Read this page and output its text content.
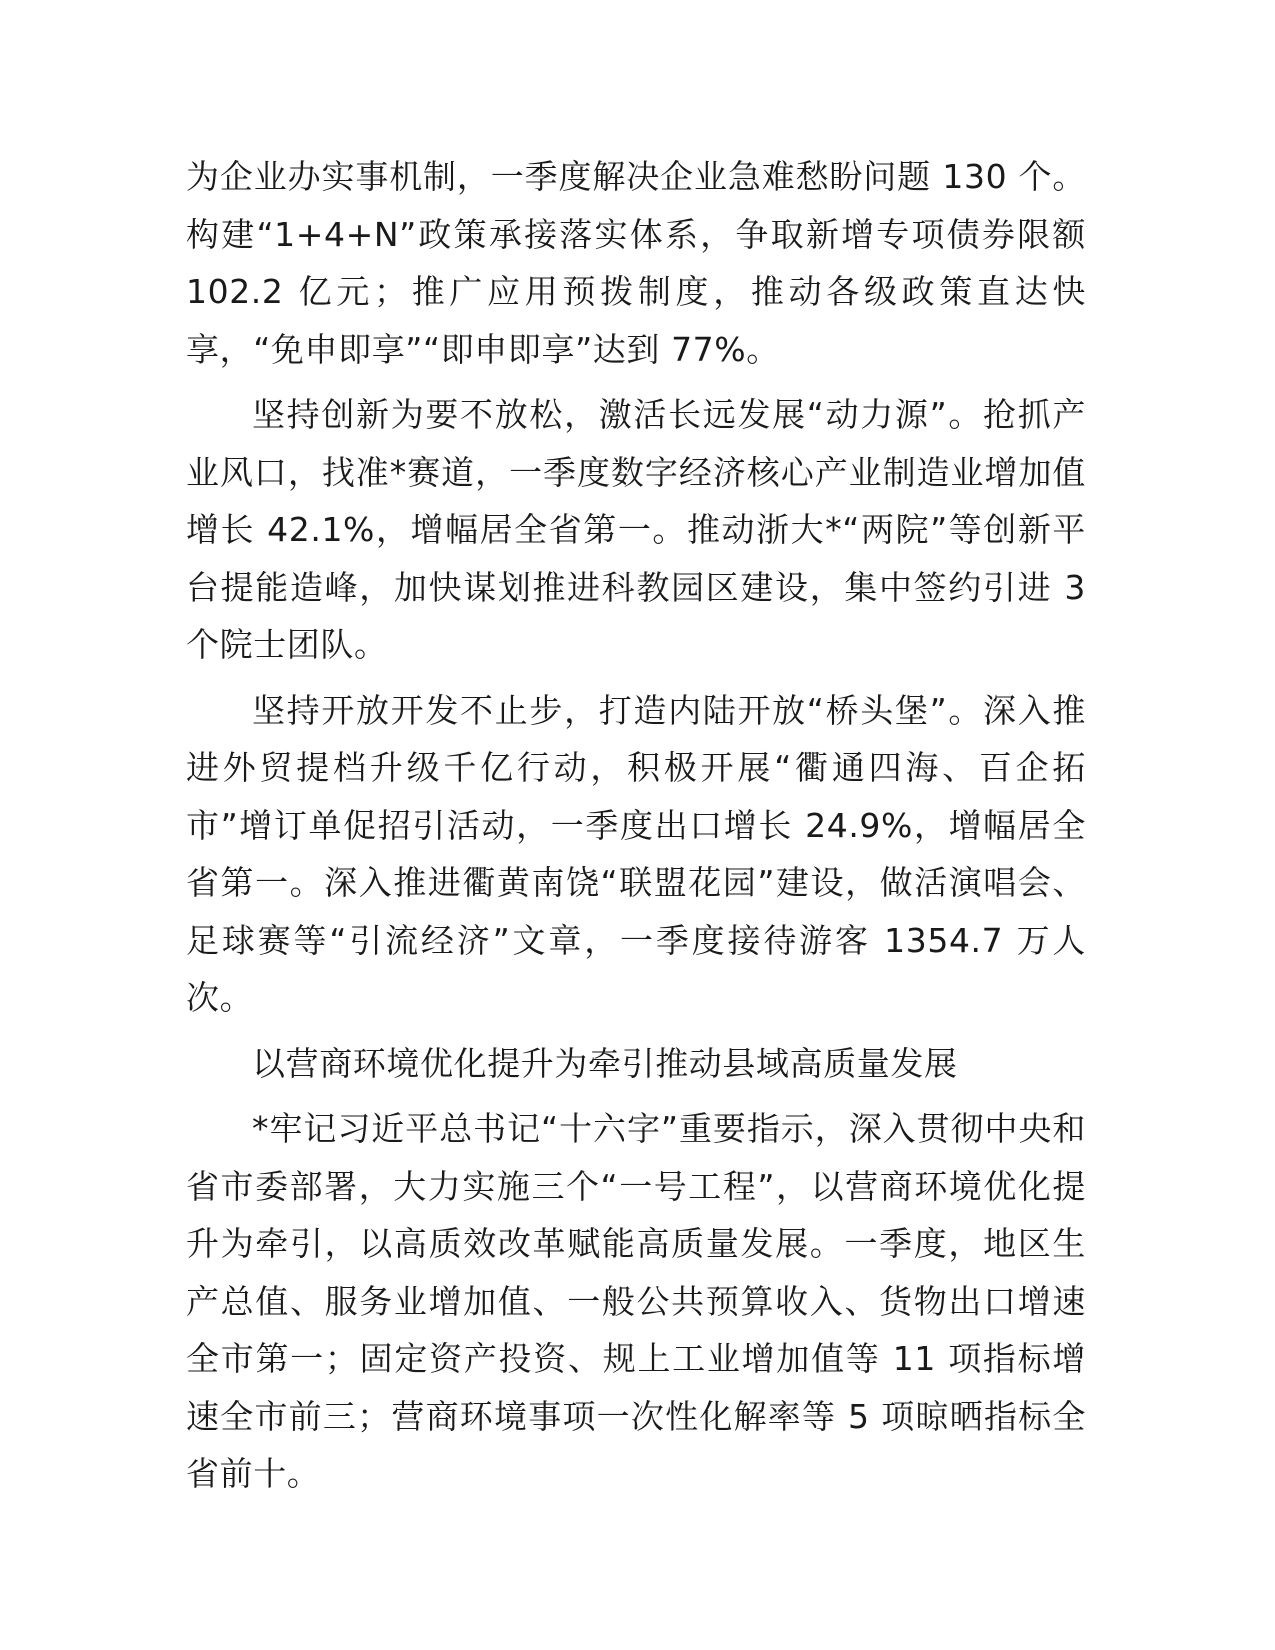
为企业办实事机制，一季度解决企业急难愁盼问题 130 个。构建“1+4+N”政策承接落实体系，争取新增专项债券限额 102.2 亿元；推广应用预拨制度，推动各级政策直达快享，“免申即享”“即申即享”达到 77%。

坚持创新为要不放松，激活长远发展“动力源”。抢抓产业风口，找准*赛道，一季度数字经济核心产业制造业增加值增长 42.1%，增幅居全省第一。推动浙大*“两院”等创新平台提能造峰，加快谋划推进科教园区建设，集中签约引进 3 个院士团队。

坚持开放开发不止步，打造内陆开放“桥头堡”。深入推进外贸提档升级千亿行动，积极开展“衢通四海、百企拓市”增订单促招引活动，一季度出口增长 24.9%，增幅居全省第一。深入推进衢黄南饶“联盟花园”建设，做活演唱会、足球赛等“引流经济”文章，一季度接待游客 1354.7 万人次。

以营商环境优化提升为牵引推动县域高质量发展

*牢记习近平总书记“十六字”重要指示，深入贯彻中央和省市委部署，大力实施三个“一号工程”，以营商环境优化提升为牵引，以高质效改革赋能高质量发展。一季度，地区生产总值、服务业增加值、一般公共预算收入、货物出口增速全市第一；固定资产投资、规上工业增加值等 11 项指标增速全市前三；营商环境事项一次性化解率等 5 项晾晒指标全省前十。
